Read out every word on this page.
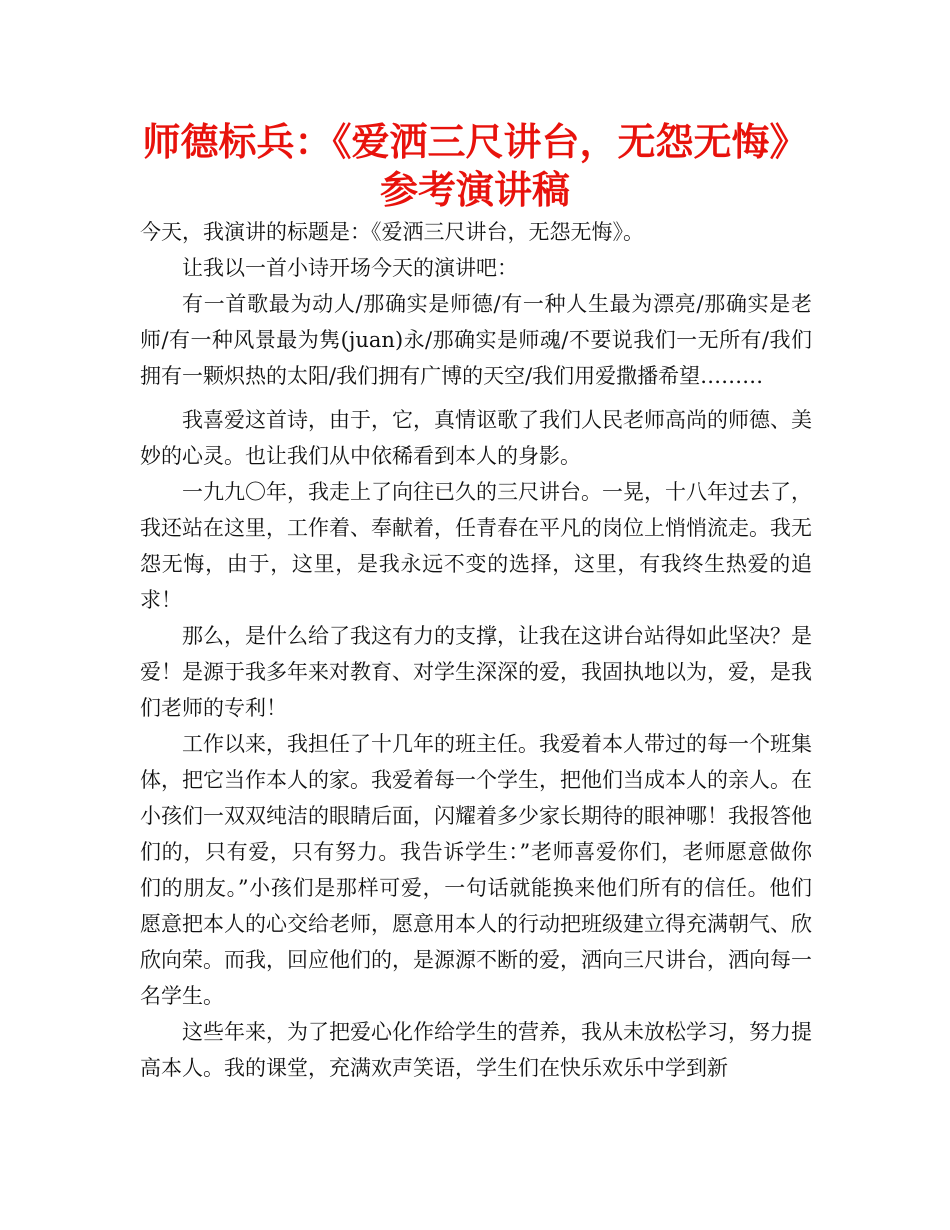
师德标兵：《爱洒三尺讲台，无怨无悔》
参考演讲稿

今天，我演讲的标题是：《爱洒三尺讲台，无怨无悔》。

让我以一首小诗开场今天的演讲吧：

有一首歌最为动人/那确实是师德/有一种人生最为漂亮/那确实是老师/有一种风景最为隽(juan)永/那确实是师魂/不要说我们一无所有/我们拥有一颗炽热的太阳/我们拥有广博的天空/我们用爱撒播希望………

我喜爱这首诗，由于，它，真情讴歌了我们人民老师高尚的师德、美妙的心灵。也让我们从中依稀看到本人的身影。

一九九〇年，我走上了向往已久的三尺讲台。一晃，十八年过去了，我还站在这里，工作着、奉献着，任青春在平凡的岗位上悄悄流走。我无怨无悔，由于，这里，是我永远不变的选择，这里，有我终生热爱的追求！

那么，是什么给了我这有力的支撑，让我在这讲台站得如此坚决？是爱！是源于我多年来对教育、对学生深深的爱，我固执地以为，爱，是我们老师的专利！

工作以来，我担任了十几年的班主任。我爱着本人带过的每一个班集体，把它当作本人的家。我爱着每一个学生，把他们当成本人的亲人。在小孩们一双双纯洁的眼睛后面，闪耀着多少家长期待的眼神哪！我报答他们的，只有爱，只有努力。我告诉学生：”老师喜爱你们，老师愿意做你们的朋友。”小孩们是那样可爱，一句话就能换来他们所有的信任。他们愿意把本人的心交给老师，愿意用本人的行动把班级建立得充满朝气、欣欣向荣。而我，回应他们的，是源源不断的爱，洒向三尺讲台，洒向每一名学生。

这些年来，为了把爱心化作给学生的营养，我从未放松学习，努力提高本人。我的课堂，充满欢声笑语，学生们在快乐欢乐中学到新
